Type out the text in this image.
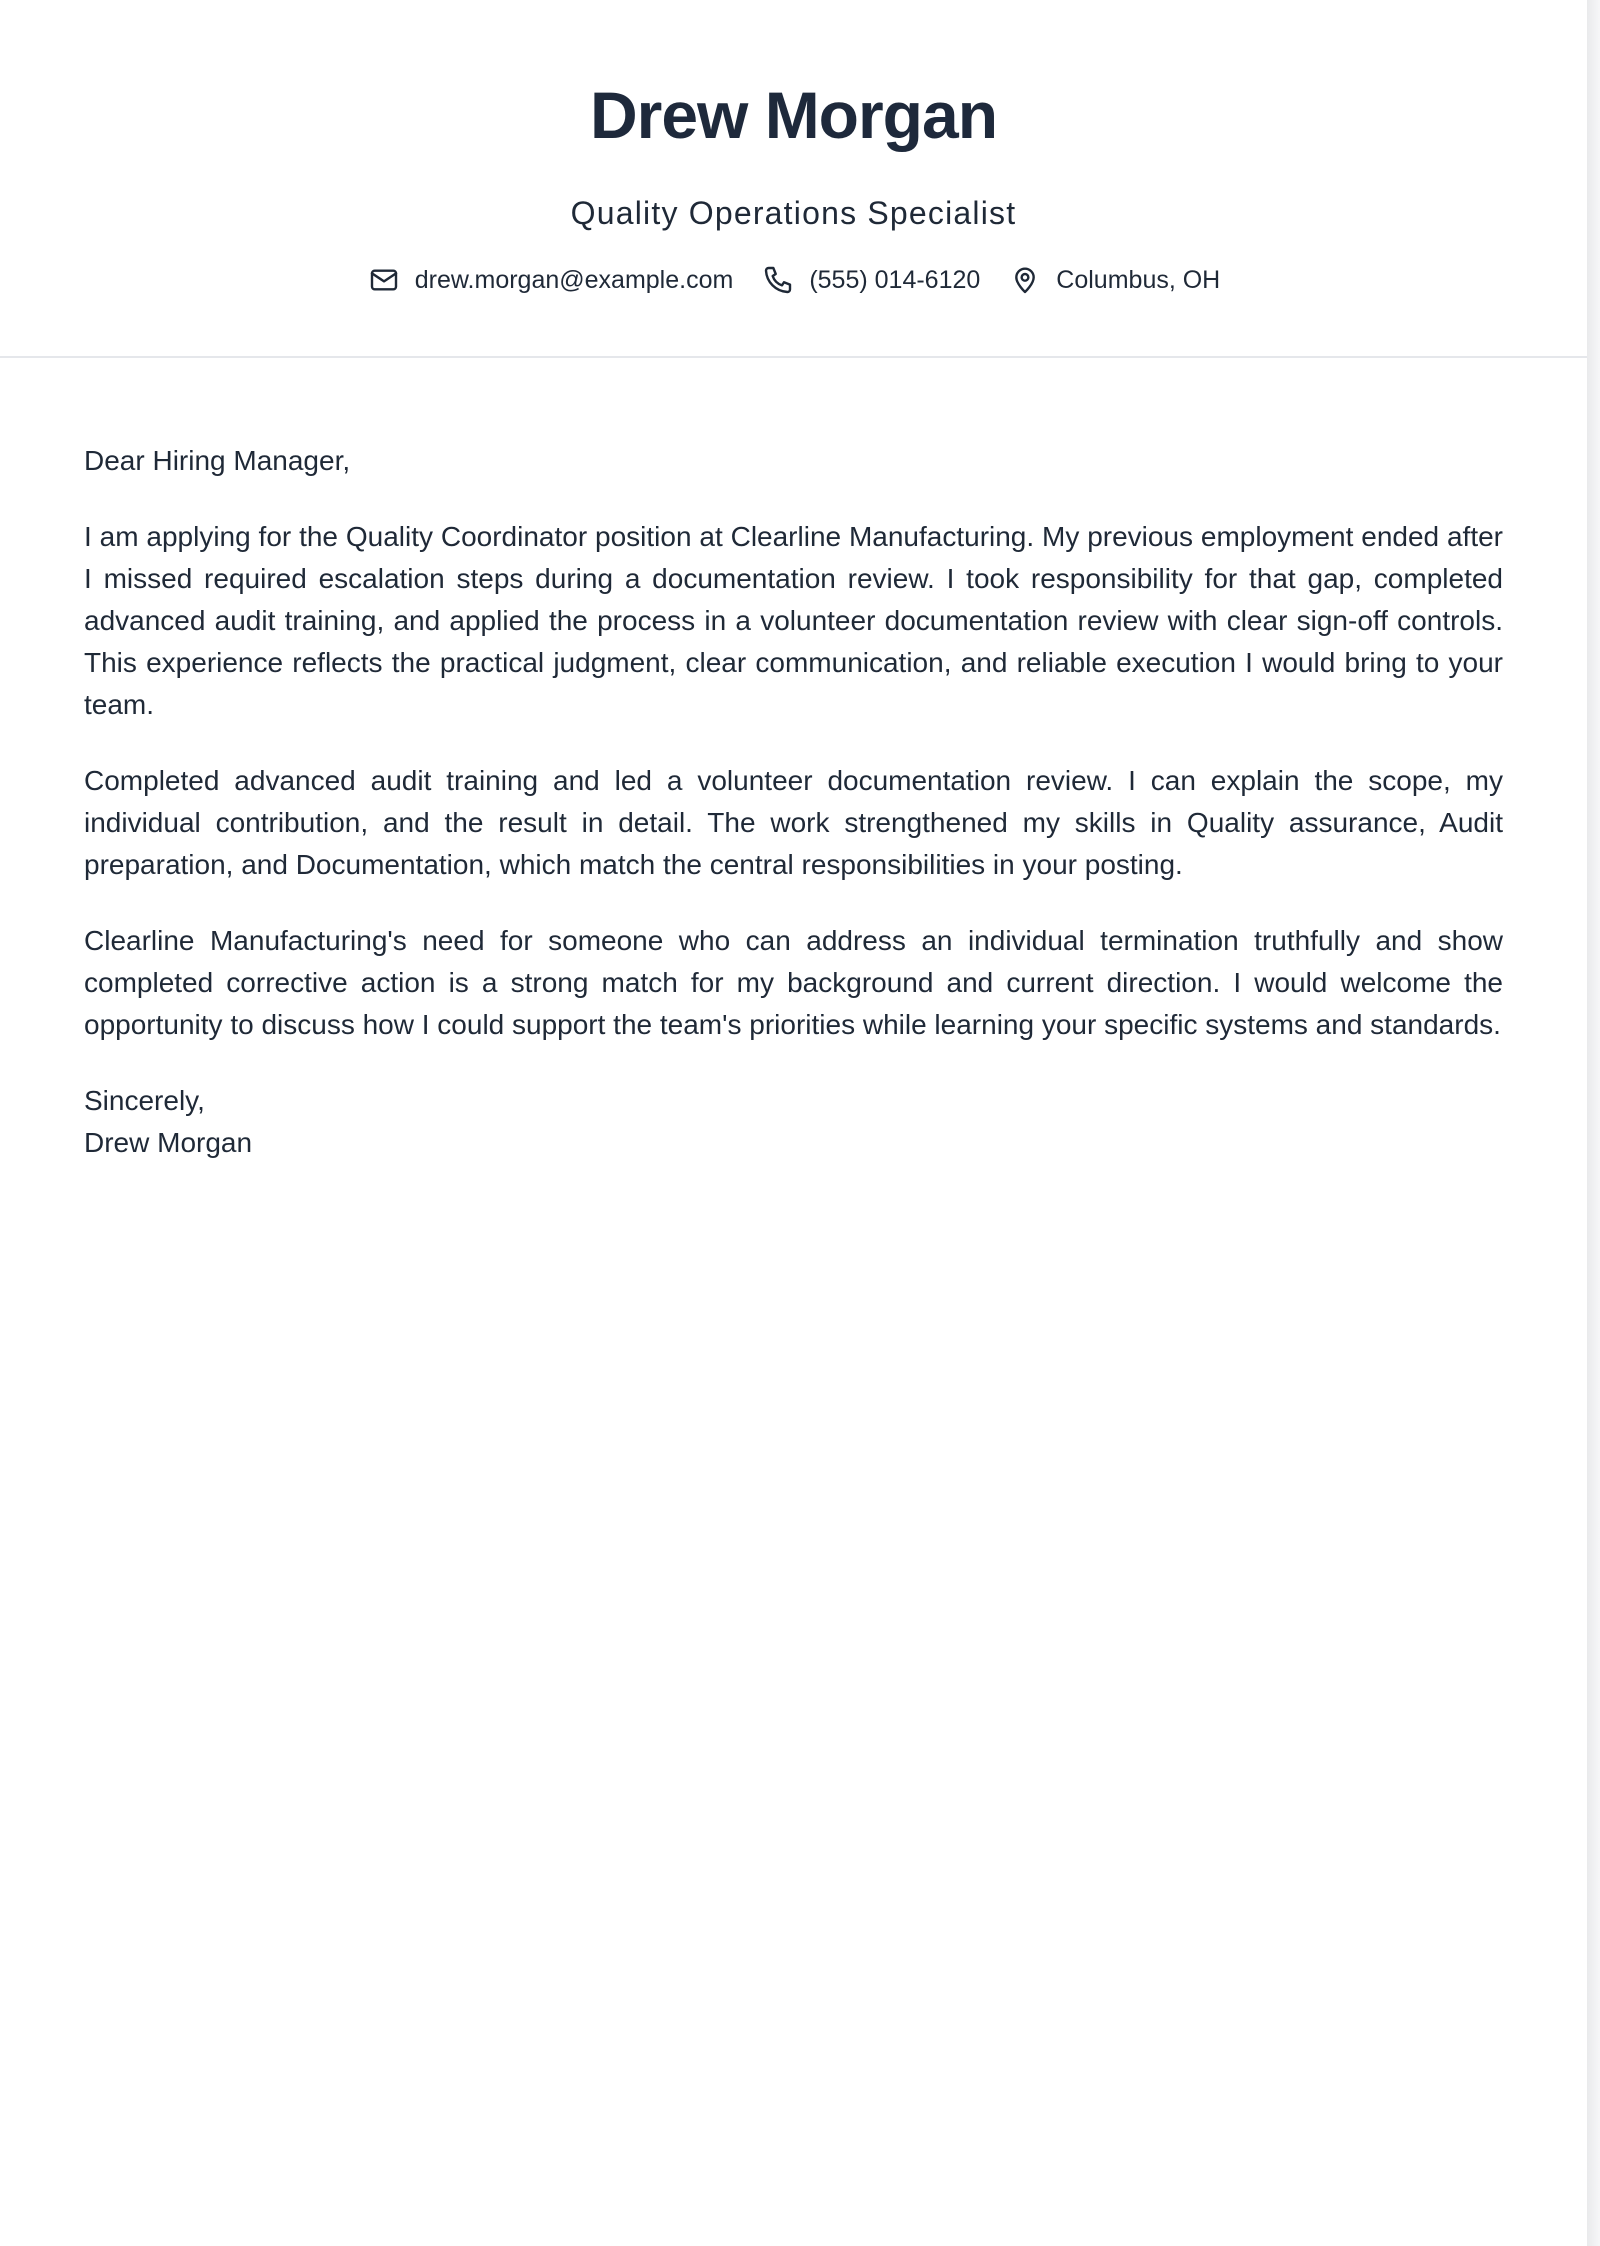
Drew Morgan
Quality Operations Specialist
drew.morgan@example.com	(555) 014-6120	Columbus, OH

Dear Hiring Manager,

I am applying for the Quality Coordinator position at Clearline Manufacturing. My previous employment ended after I missed required escalation steps during a documentation review. I took responsibility for that gap, completed advanced audit training, and applied the process in a volunteer documentation review with clear sign-off controls. This experience reflects the practical judgment, clear communication, and reliable execution I would bring to your team.

Completed advanced audit training and led a volunteer documentation review. I can explain the scope, my individual contribution, and the result in detail. The work strengthened my skills in Quality assurance, Audit preparation, and Documentation, which match the central responsibilities in your posting.

Clearline Manufacturing's need for someone who can address an individual termination truthfully and show completed corrective action is a strong match for my background and current direction. I would welcome the opportunity to discuss how I could support the team's priorities while learning your specific systems and standards.

Sincerely,
Drew Morgan
